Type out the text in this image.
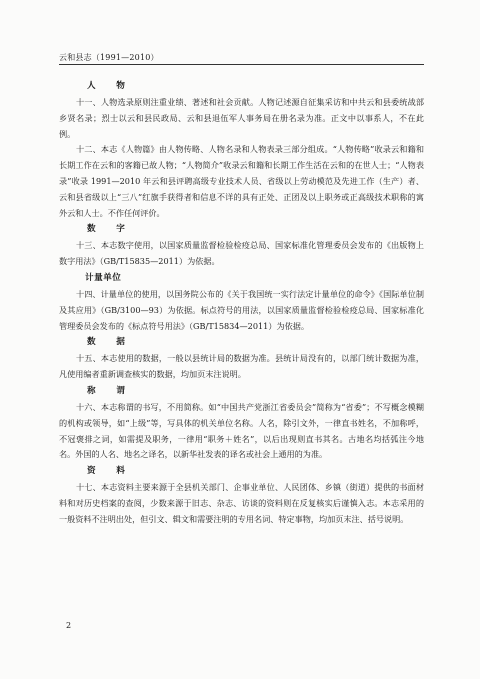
云和县志（1991—2010）
人　物

十一、人物选录原则注重业绩、著述和社会贡献。人物记述源自征集采访和中共云和县委统战部乡贤名录；烈士以云和县民政局、云和县退伍军人事务局在册名录为准。正文中以事系人，不在此例。

十二、本志《人物篇》由人物传略、人物名录和人物表录三部分组成。“人物传略”收录云和籍和长期工作在云和的客籍已故人物；“人物简介”收录云和籍和长期工作生活在云和的在世人士；“人物表录”收录 1991—2010 年云和县评聘高级专业技术人员、省级以上劳动模范及先进工作（生产）者、云和县省级以上“三八”红旗手获得者和信息不详的具有正处、正团及以上职务或正高级技术职称的寓外云和人士。不作任何评价。

数　字

十三、本志数字使用，以国家质量监督检验检疫总局、国家标准化管理委员会发布的《出版物上数字用法》（GB/T15835—2011）为依据。

计量单位

十四、计量单位的使用，以国务院公布的《关于我国统一实行法定计量单位的命令》《国际单位制及其应用》（GB/3100—93）为依据。标点符号的用法，以国家质量监督检验检疫总局、国家标准化管理委员会发布的《标点符号用法》（GB/T15834—2011）为依据。

数　据

十五、本志使用的数据，一般以县统计局的数据为准。县统计局没有的，以部门统计数据为准，凡使用编者重新调查核实的数据，均加页末注说明。

称　谓

十六、本志称谓的书写，不用简称。如“中国共产党浙江省委员会”简称为“省委”；不写概念模糊的机构或领导，如“上级”等，写具体的机关单位名称。人名，除引文外，一律直书姓名，不加称呼，不冠褒排之词，如需提及职务，一律用“职务＋姓名”，以后出现则直书其名。古地名均括弧注今地名。外国的人名、地名之译名，以新华社发表的译名或社会上通用的为准。

资　料

十七、本志资料主要来源于全县机关部门、企事业单位、人民团体、乡镇（街道）提供的书面材料和对历史档案的查阅，少数来源于旧志、杂志、访谈的资料则在反复核实后谨慎入志。本志采用的一般资料不注明出处，但引文、辑文和需要注明的专用名词、特定事物，均加页末注、括号说明。

2
